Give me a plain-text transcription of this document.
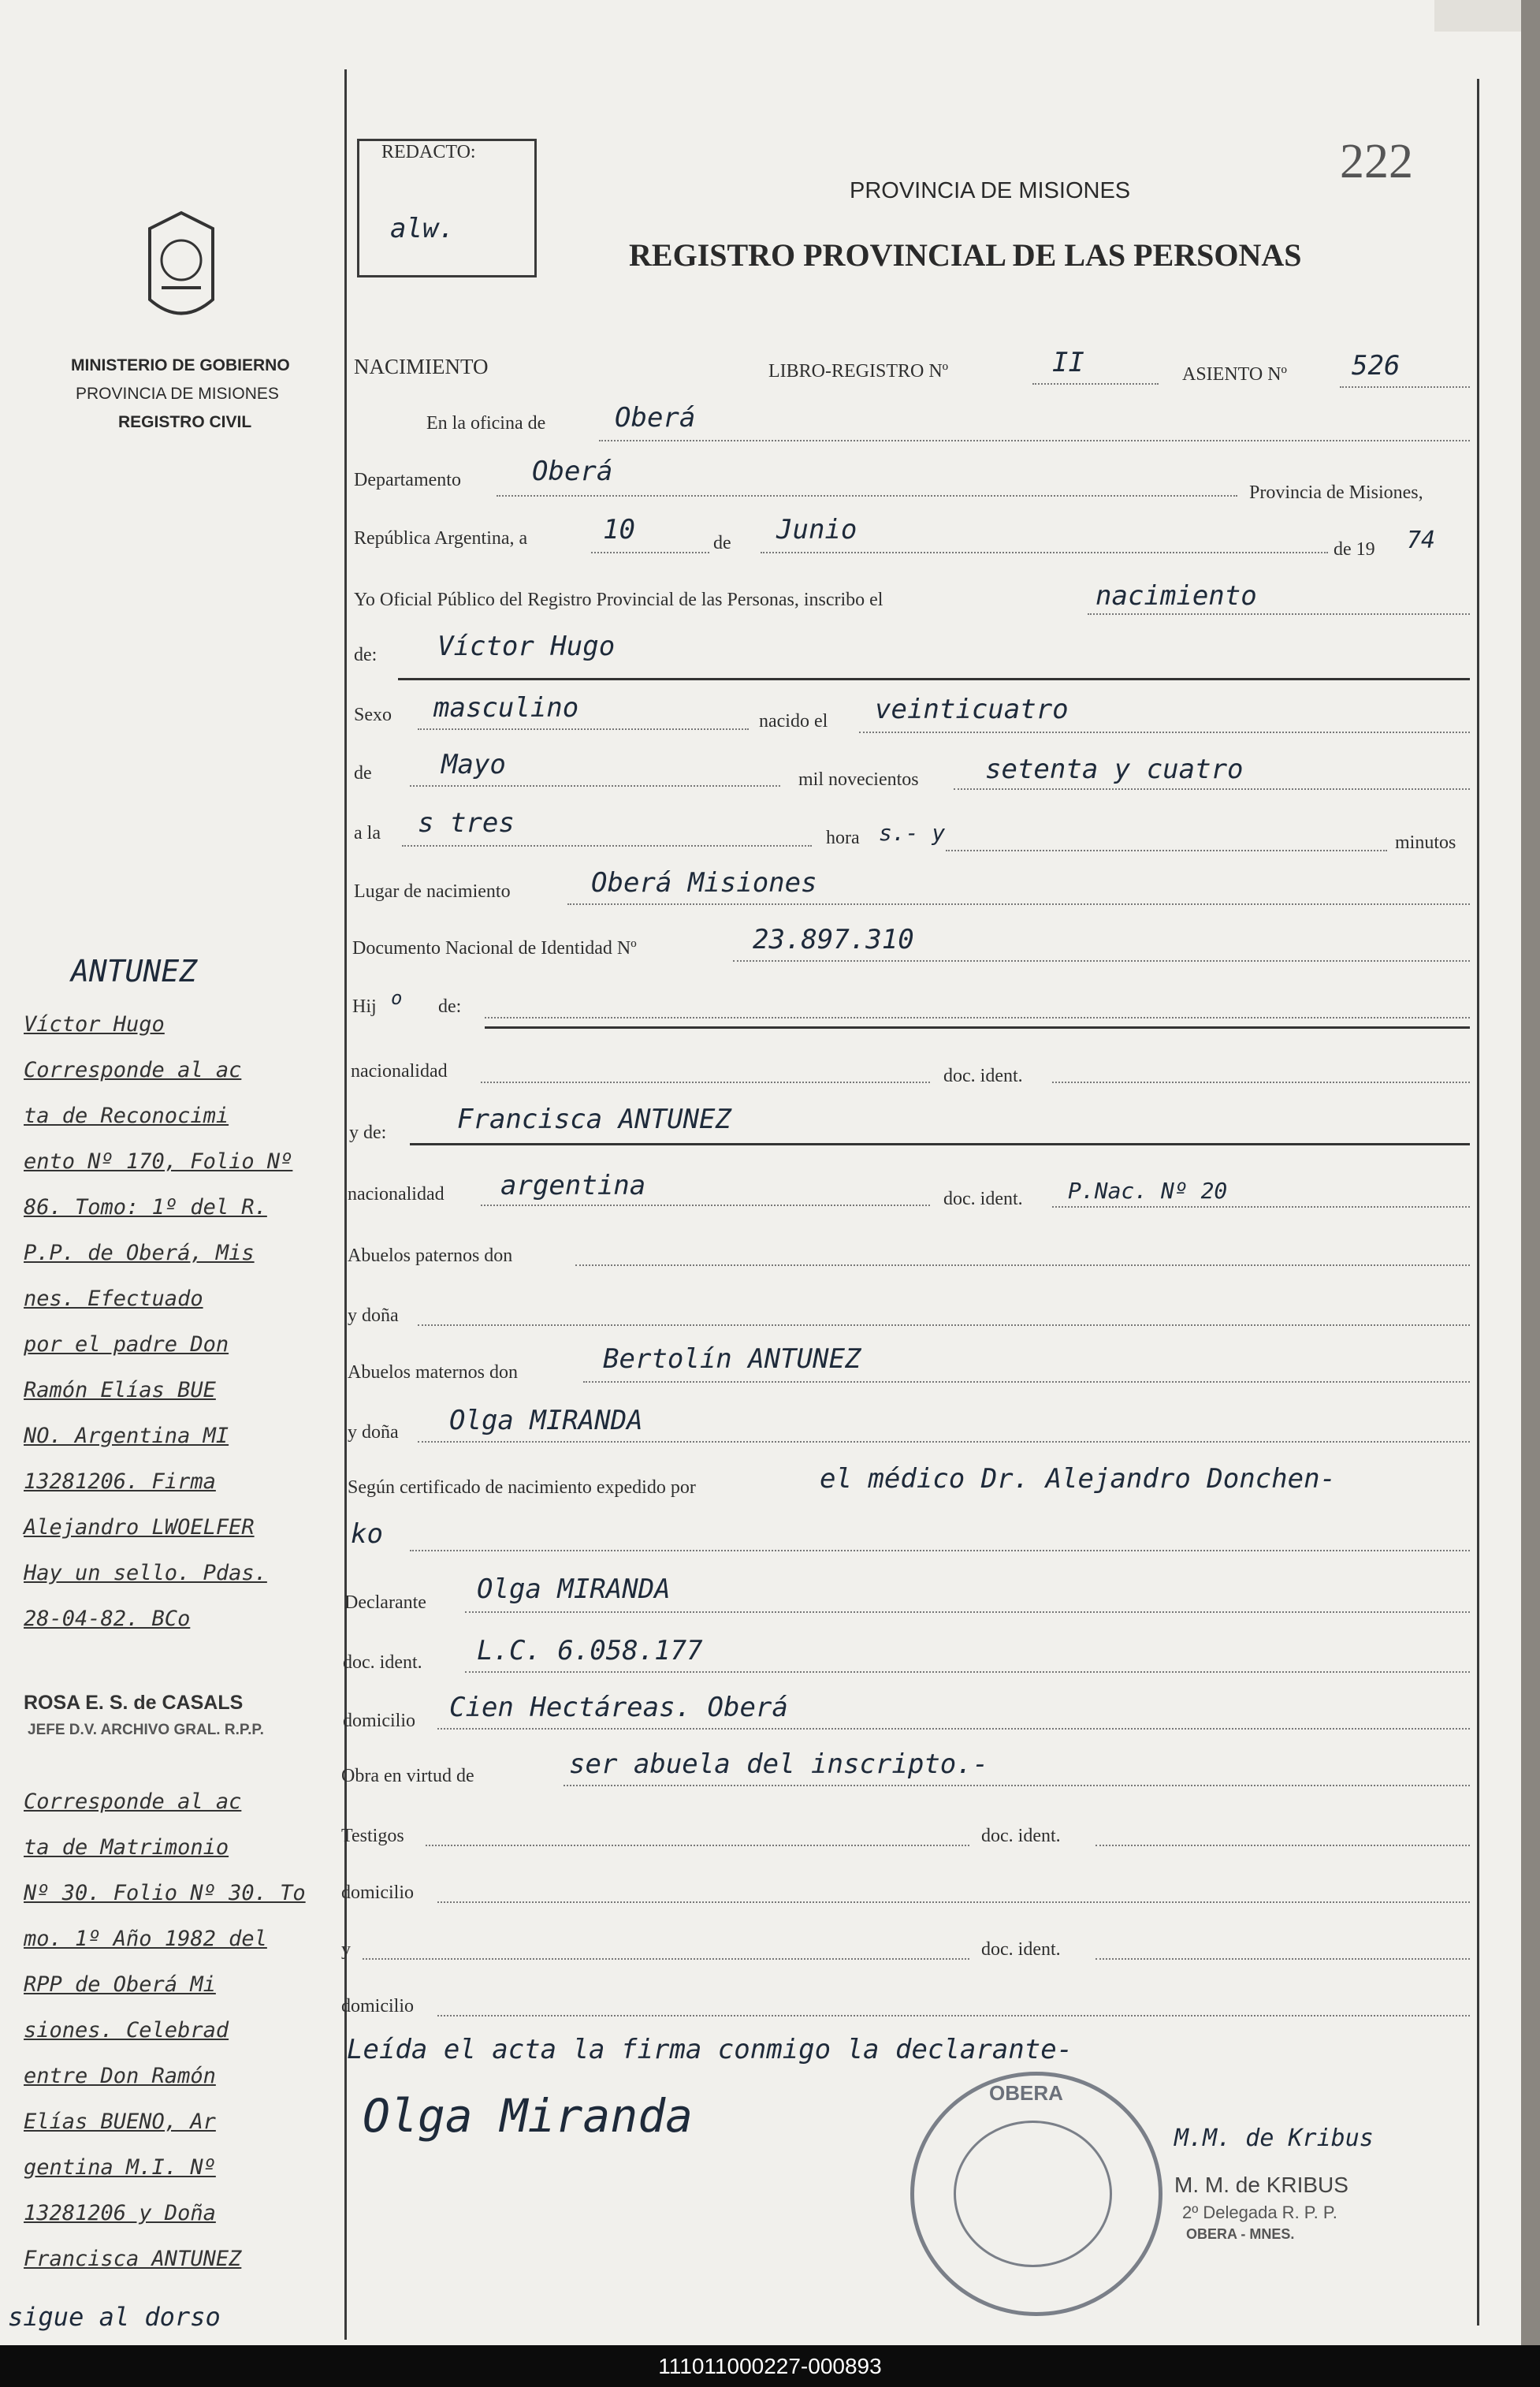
MINISTERIO DE GOBIERNO
PROVINCIA DE MISIONES
REGISTRO CIVIL
REDACTO:
alw.
222
PROVINCIA DE MISIONES
REGISTRO PROVINCIAL DE LAS PERSONAS
NACIMIENTO	LIBRO-REGISTRO Nº	II	ASIENTO Nº 526
En la oficina de	Oberá
Departamento	Oberá
Provincia de Misiones,
República Argentina, a	10	de Junio
de 19 74
Yo Oficial Público del Registro Provincial de las Personas, inscribo el	nacimiento
de: Víctor Hugo
Sexo masculino	nacido el veinticuatro
de	Mayo	mil novecientos setenta y cuatro
a la s tres	hora s.- y	minutos
Lugar de nacimiento	Oberá Misiones
Documento Nacional de Identidad Nº	23.897.310
Hij o de:
nacionalidad	doc. ident.
y de:	Francisca ANTUNEZ
nacionalidad argentina	doc. ident. P.Nac. Nº 20
Abuelos paternos don
y doña
Abuelos maternos don	Bertolín ANTUNEZ
y doña Olga MIRANDA
Según certificado de nacimiento expedido por	el médico Dr. Alejandro Donchen-
ko
Declarante Olga MIRANDA
doc. ident. L.C. 6.058.177
domicilio Cien Hectáreas. Oberá
Obra en virtud de	ser abuela del inscripto.-
Testigos	doc. ident.
domicilio
y	doc. ident.
domicilio
Leída el acta la firma conmigo la declarante-
Olga Miranda	OBERA
M.M. de Kribus
M. M. de KRIBUS
2º Delegada R. P. P.
OBERA - MNES.
ANTUNEZ
ROSA E. S. de CASALS
JEFE D.V. ARCHIVO GRAL. R.P.P.
sigue al dorso
111011000227-000893
Víctor Hugo
Corresponde al ac
ta de Reconocimi
ento Nº 170, Folio Nº
86. Tomo: 1º del R.
P.P. de Oberá, Mis
nes. Efectuado
por el padre Don
Ramón Elías BUE
NO. Argentina MI
13281206. Firma
Alejandro LWOELFER
Hay un sello. Pdas.
28-04-82. BCo
Corresponde al ac
ta de Matrimonio
Nº 30. Folio Nº 30. To
mo. 1º Año 1982 del
RPP de Oberá Mi
siones. Celebrad
entre Don Ramón
Elías BUENO, Ar
gentina M.I. Nº
13281206 y Doña
Francisca ANTUNEZ
